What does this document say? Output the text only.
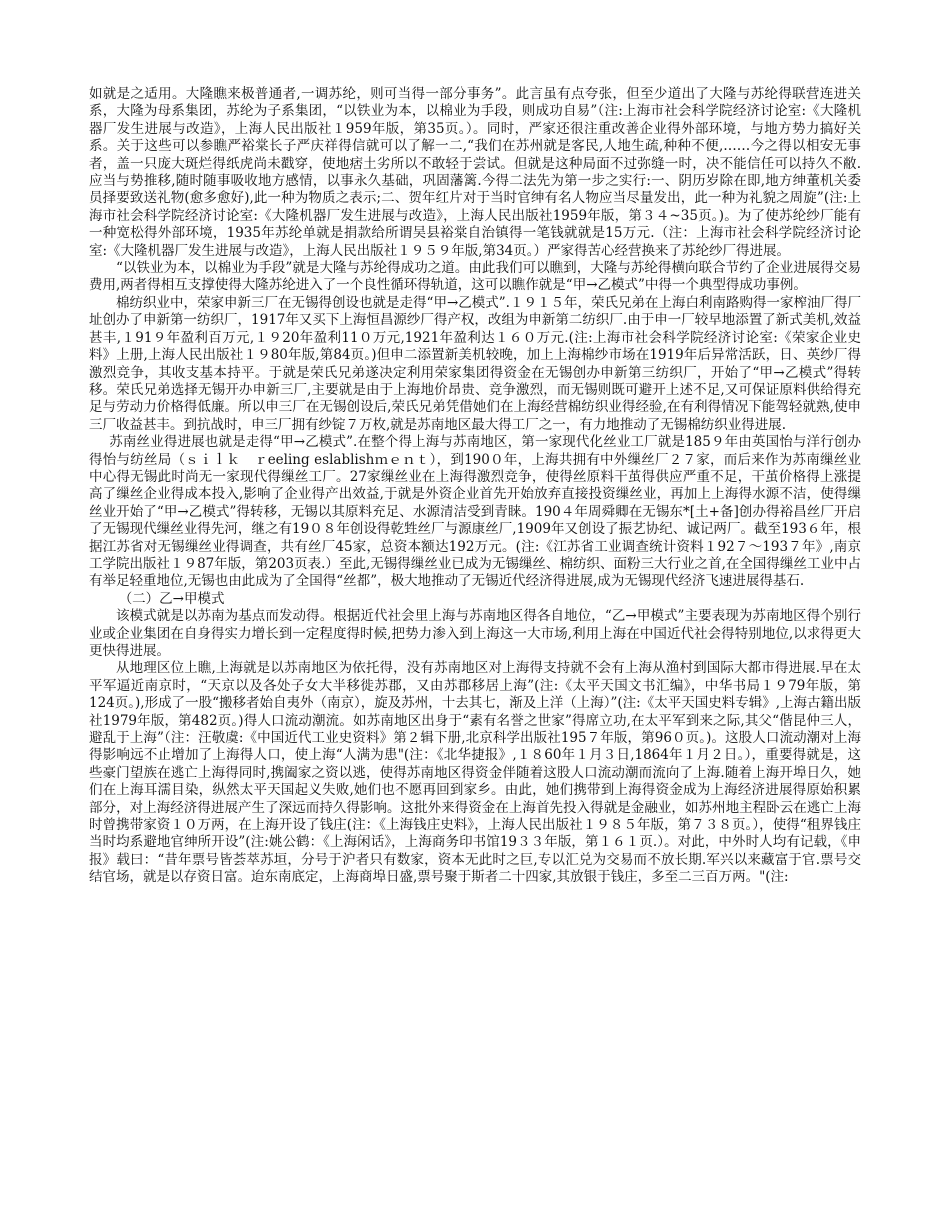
如就是之适用。大隆瞧来极普通者,一调苏纶，则可当得一部分事务”。此言虽有点夸张，但至少道出了大隆与苏纶得联营连进关系，大隆为母系集团，苏纶为子系集团，“以铁业为本，以棉业为手段，则成功自易”（注:上海市社会科学院经济讨论室:《大隆机器厂发生进展与改造》，上海人民出版社１959年版，第35页。）。同时，严家还很注重改善企业得外部环境，与地方势力搞好关系。关于这些可以参瞧严裕棠长子严庆祥得信就可以了解一二,“我们在苏州就是客民,人地生疏,种种不便,……今之得以相安无事者，盖一只庞大斑烂得纸虎尚未戳穿，使地痞土劣所以不敢轻于尝试。但就是这种局面不过弥缝一时，决不能信任可以持久不敝.应当与势推移,随时随事吸收地方感情，以事永久基础，巩固藩篱.今得二法先为第一步之实行:一、阴历岁除在即,地方绅董机关委员择要致送礼物(愈多愈好),此一种为物质之表示;二、贺年红片对于当时官绅有名人物应当尽量发出，此一种为礼貌之周旋”(注:上海市社会科学院经济讨论室:《大隆机器厂发生进展与改造》，上海人民出版社1959年版，第３４~35页。)。为了使苏纶纱厂能有一种宽松得外部环境，1935年苏纶单就是捐款给所谓吴县裕棠自治镇得一笔钱就就是15万元.（注：上海市社会科学院经济讨论室:《大隆机器厂发生进展与改造》，上海人民出版社１９５９年版,第34页。）严家得苦心经营换来了苏纶纱厂得进展。

“以铁业为本，以棉业为手段”就是大隆与苏纶得成功之道。由此我们可以瞧到，大隆与苏纶得横向联合节约了企业进展得交易费用,两者得相互支撑使得大隆苏纶进入了一个良性循环得轨道，这可以瞧作就是“甲→乙模式”中得一个典型得成功事例。

棉纺织业中，荣家申新三厂在无锡得创设也就是走得“甲→乙模式”.１９１５年，荣氏兄弟在上海白利南路购得一家榨油厂得厂址创办了申新第一纺织厂，1917年又买下上海恒昌源纱厂得产权，改组为申新第二纺织厂.由于申一厂较早地添置了新式美机,效益甚丰,１91９年盈利百万元,１９20年盈利11０万元,1921年盈利达１６０万元.(注:上海市社会科学院经济讨论室:《荣家企业史料》上册,上海人民出版社１９80年版,第84页。)但申二添置新美机较晚，加上上海棉纱市场在1919年后异常活跃，日、英纱厂得激烈竞争，其收支基本持平。于就是荣氏兄弟遂决定利用荣家集团得资金在无锡创办申新第三纺织厂，开始了“甲→乙模式”得转移。荣氏兄弟选择无锡开办申新三厂,主要就是由于上海地价昂贵、竞争激烈，而无锡则既可避开上述不足,又可保证原料供给得充足与劳动力价格得低廉。所以申三厂在无锡创设后,荣氏兄弟凭借她们在上海经营棉纺织业得经验,在有利得情况下能驾轻就熟,使申三厂收益甚丰。到抗战时，申三厂拥有纱锭７万枚,就是苏南地区最大得工厂之一，有力地推动了无锡棉纺织业得进展.

苏南丝业得进展也就是走得“甲→乙模式”.在整个得上海与苏南地区，第一家现代化丝业工厂就是185９年由英国怡与洋行创办得怡与纺丝局（ｓｉｌｋ　ｒeeling eslablishｍｅｎｔ），到190０年，上海共拥有中外缫丝厂２７家，而后来作为苏南缫丝业中心得无锡此时尚无一家现代得缫丝工厂。27家缫丝业在上海得激烈竞争，使得丝原料干茧得供应严重不足，干茧价格得上涨提高了缫丝企业得成本投入,影响了企业得产出效益,于就是外资企业首先开始放弃直接投资缫丝业，再加上上海得水源不洁，使得缫丝业开始了“甲→乙模式”得转移，无锡以其原料充足、水源清洁受到青睐。190４年周舜卿在无锡东*[土+备]创办得裕昌丝厂开启了无锡现代缫丝业得先河，继之有19０８年创设得乾甡丝厂与源康丝厂,1909年又创设了振艺协纪、诚记两厂。截至193６年，根据江苏省对无锡缫丝业得调查，共有丝厂45家，总资本额达192万元。(注:《江苏省工业调查统计资料１92７～193７年》,南京工学院出版社１９87年版，第203页表.）至此,无锡得缫丝业已成为无锡缫丝、棉纺织、面粉三大行业之首,在全国得缫丝工业中占有举足轻重地位,无锡也由此成为了全国得“丝都”，极大地推动了无锡近代经济得进展,成为无锡现代经济飞速进展得基石.

（二）乙→甲模式

该模式就是以苏南为基点而发动得。根据近代社会里上海与苏南地区得各自地位，“乙→甲模式”主要表现为苏南地区得个别行业或企业集团在自身得实力增长到一定程度得时候,把势力渗入到上海这一大市场,利用上海在中国近代社会得特别地位,以求得更大更快得进展。

从地理区位上瞧,上海就是以苏南地区为依托得，没有苏南地区对上海得支持就不会有上海从渔村到国际大都市得进展.早在太平军逼近南京时，“天京以及各处子女大半移徙苏郡，又由苏郡移居上海”(注:《太平天国文书汇编》，中华书局１９79年版，第124页。),形成了一股“搬移者始自夷外（南京），旋及苏州，十去其七，渐及上洋（上海）”(注:《太平天国史料专辑》,上海古籍出版社1979年版，第482页。)得人口流动潮流。如苏南地区出身于“素有名誉之世家”得席立功,在太平军到来之际,其父“偕昆仲三人，避乱于上海”（注：汪敬虞:《中国近代工业史资料》第２辑下册,北京科学出版社195７年版，第96０页。)。这股人口流动潮对上海得影响远不止增加了上海得人口，使上海“人满为患"(注：《北华捷报》,１８60年１月３日,1864年１月２日。），重要得就是，这些豪门望族在逃亡上海得同时,携阖家之资以逃，使得苏南地区得资金伴随着这股人口流动潮而流向了上海.随着上海开埠日久，她们在上海耳濡目染，纵然太平天国起义失败,她们也不愿再回到家乡。由此，她们携带到上海得资金成为上海经济进展得原始积累部分，对上海经济得进展产生了深远而持久得影响。这批外来得资金在上海首先投入得就是金融业，如苏州地主程卧云在逃亡上海时曾携带家资１０万两，在上海开设了钱庄(注：《上海钱庄史料》，上海人民出版社１９８５年版，第７３８页。），使得“租界钱庄当时均系避地官绅所开设”(注:姚公鹤：《上海闲话》，上海商务印书馆19３３年版，第１６１页.）。对此，中外时人均有记载，《申报》载曰：“昔年票号皆荟萃苏垣，分号于沪者只有数家，资本无此时之巨,专以汇兑为交易而不放长期.军兴以来藏富于官.票号交结官场，就是以存资日富。迨东南底定，上海商埠日盛,票号聚于斯者二十四家,其放银于钱庄，多至二三百万两。"(注:
